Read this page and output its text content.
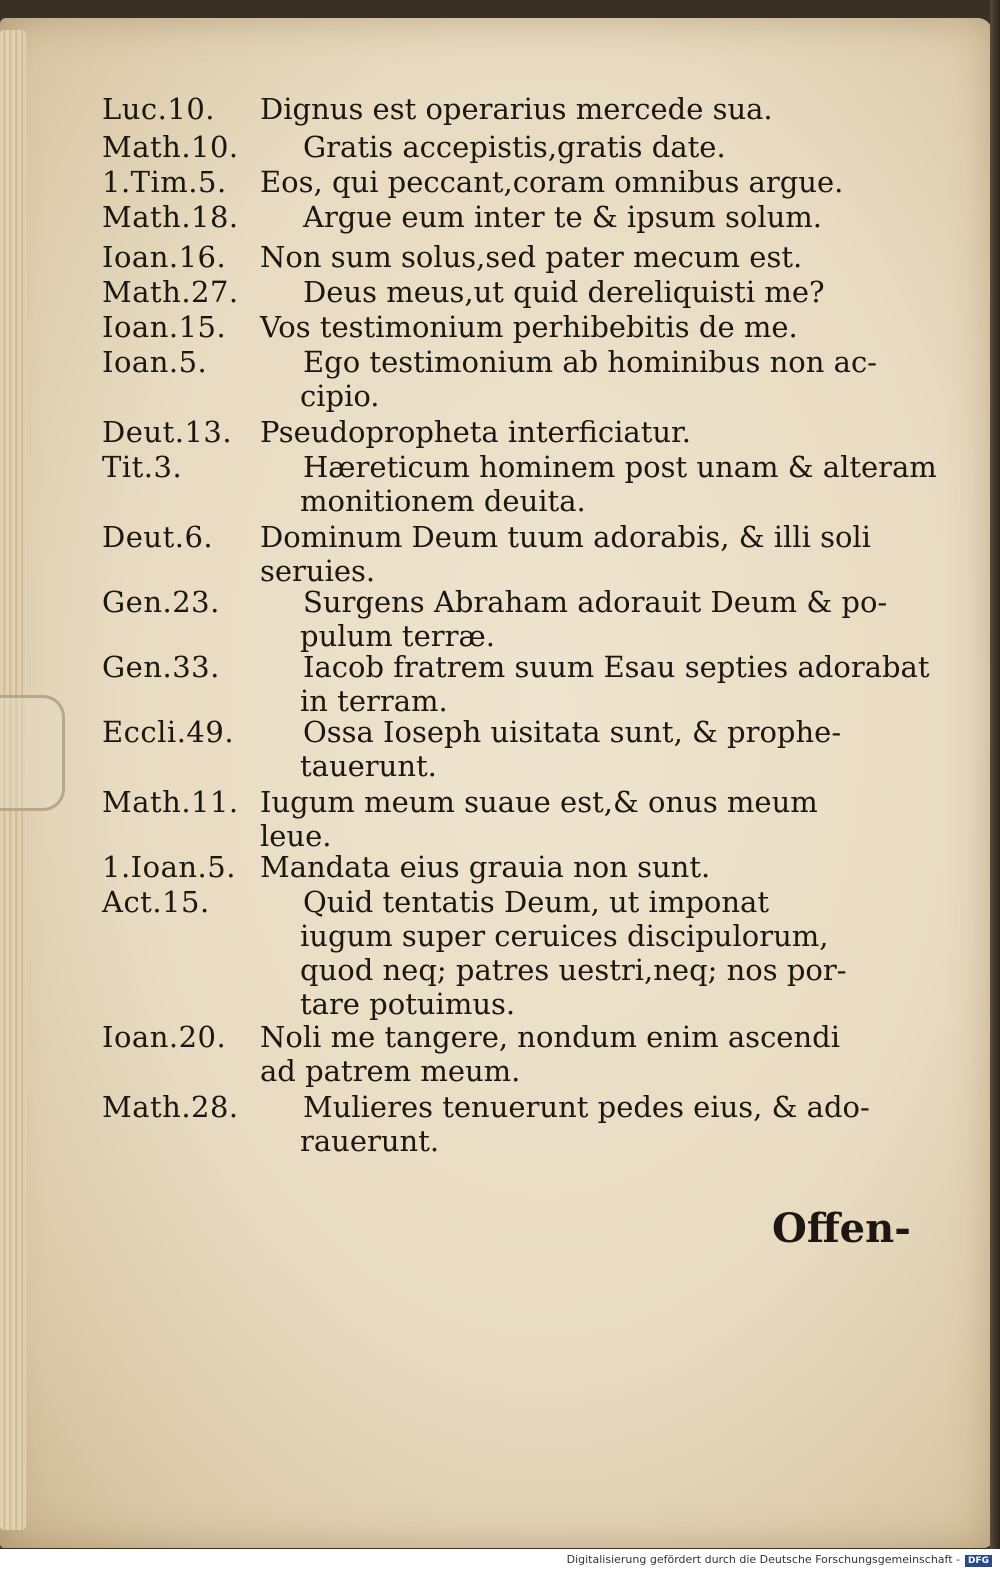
Luc.10. Dignus est operarius mercede sua.
Math.10. Gratis accepistis,gratis date.
1.Tim.5. Eos, qui peccant,coram omnibus argue.
Math.18. Argue eum inter te & ipsum solum.
Ioan.16. Non sum solus,sed pater mecum est.
Math.27. Deus meus,ut quid dereliquisti me?
Ioan.15. Vos testimonium perhibebitis de me.
Ioan.5.	Ego testimonium ab hominibus non ac-
cipio.
Deut.13. Pseudopropheta interficiatur.
Tit.3.	Hæreticum hominem post unam & alteram
monitionem deuita.
Deut.6. Dominum Deum tuum adorabis, & illi soli
seruies.
Gen.23.	Surgens Abraham adorauit Deum & po-
pulum terræ.
Gen.33.	Iacob fratrem suum Esau septies adorabat
in terram.
Eccli.49. Ossa Ioseph uisitata sunt, & prophe-
tauerunt.
Math.11. Iugum meum suaue est,& onus meum
leue.
1.Ioan.5. Mandata eius grauia non sunt.
Act.15.	Quid tentatis Deum, ut imponat
iugum super ceruices discipulorum,
quod neq; patres uestri,neq; nos por-
tare potuimus.
Ioan.20. Noli me tangere, nondum enim ascendi
ad patrem meum.
Math.28. Mulieres tenuerunt pedes eius, & ado-
rauerunt.
Offen-
Digitalisierung gefördert durch die Deutsche Forschungsgemeinschaft - DFG
